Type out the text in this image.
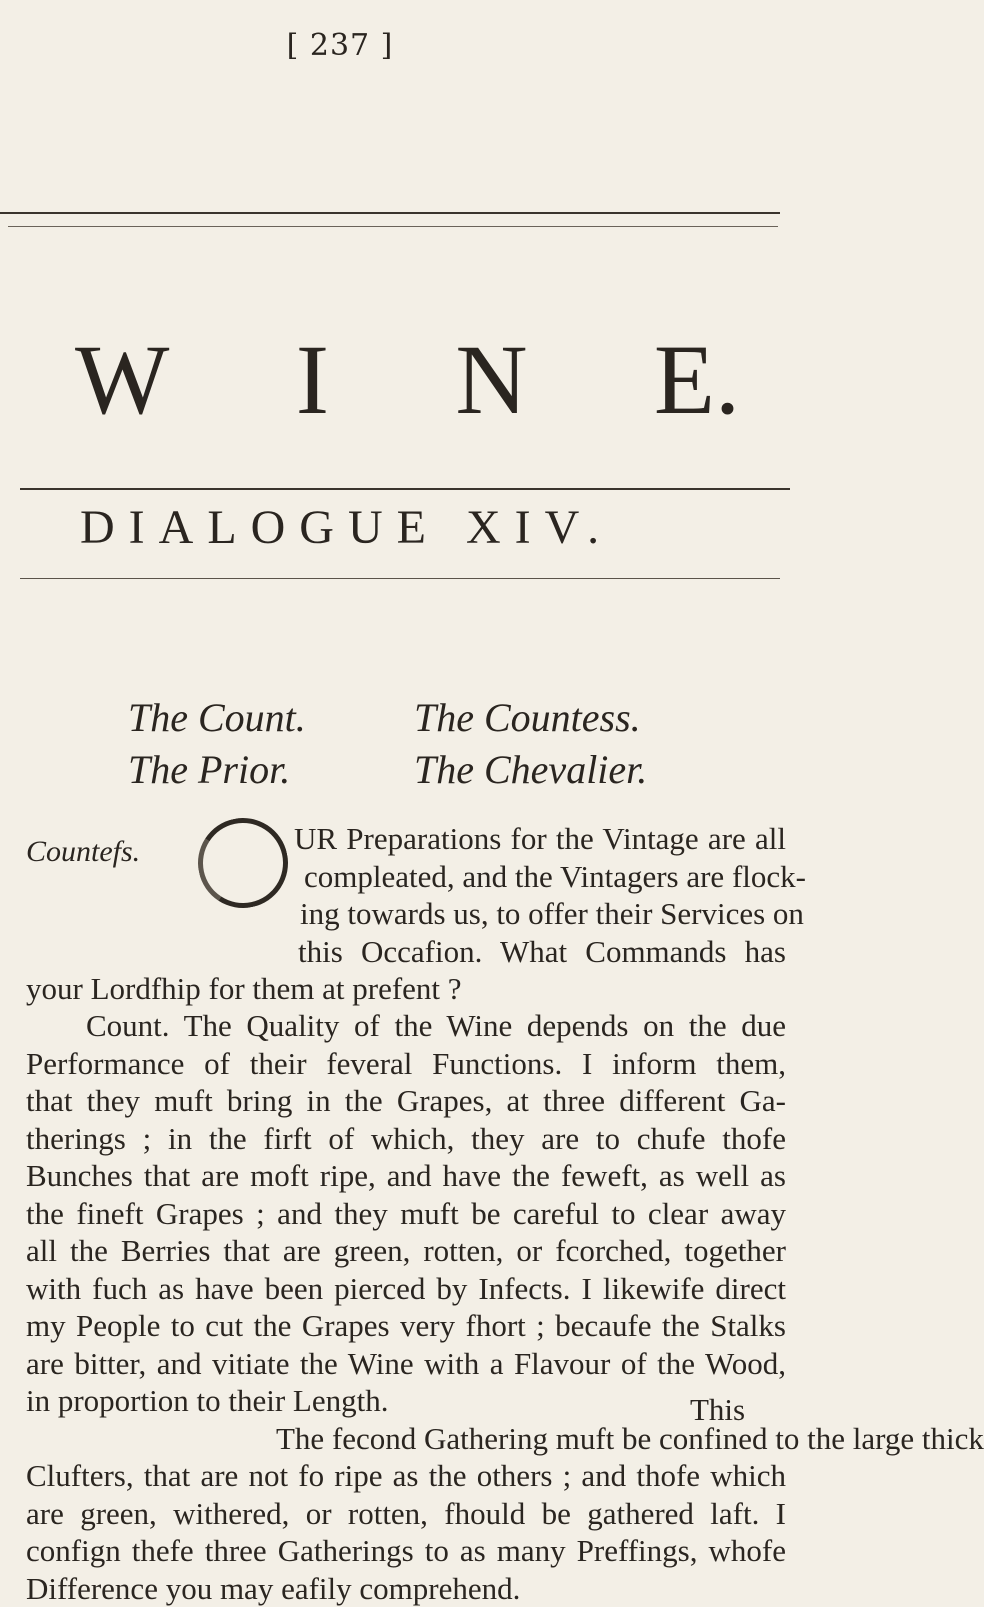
[ 237 ]
W I N E.
DIALOGUE XIV.
The Count.	The Countess.
The Prior.	The Chevalier.
Countefs.	UR Preparations for the Vintage are all
compleated, and the Vintagers are flock-
ing towards us, to offer their Services on
this Occafion. What Commands has
your Lordfhip for them at prefent ?
Count. The Quality of the Wine depends on the due
Performance of their feveral Functions. I inform them,
that they muft bring in the Grapes, at three different Ga-
therings ; in the firft of which, they are to chufe thofe
Bunches that are moft ripe, and have the feweft, as well as
the fineft Grapes ; and they muft be careful to clear away
all the Berries that are green, rotten, or fcorched, together
with fuch as have been pierced by Infects. I likewife direct
my People to cut the Grapes very fhort ; becaufe the Stalks
are bitter, and vitiate the Wine with a Flavour of the Wood,
in proportion to their Length.
The fecond Gathering muft be confined to the large thick
Clufters, that are not fo ripe as the others ; and thofe which
are green, withered, or rotten, fhould be gathered laft. I
confign thefe three Gatherings to as many Preffings, whofe
Difference you may eafily comprehend.
This
